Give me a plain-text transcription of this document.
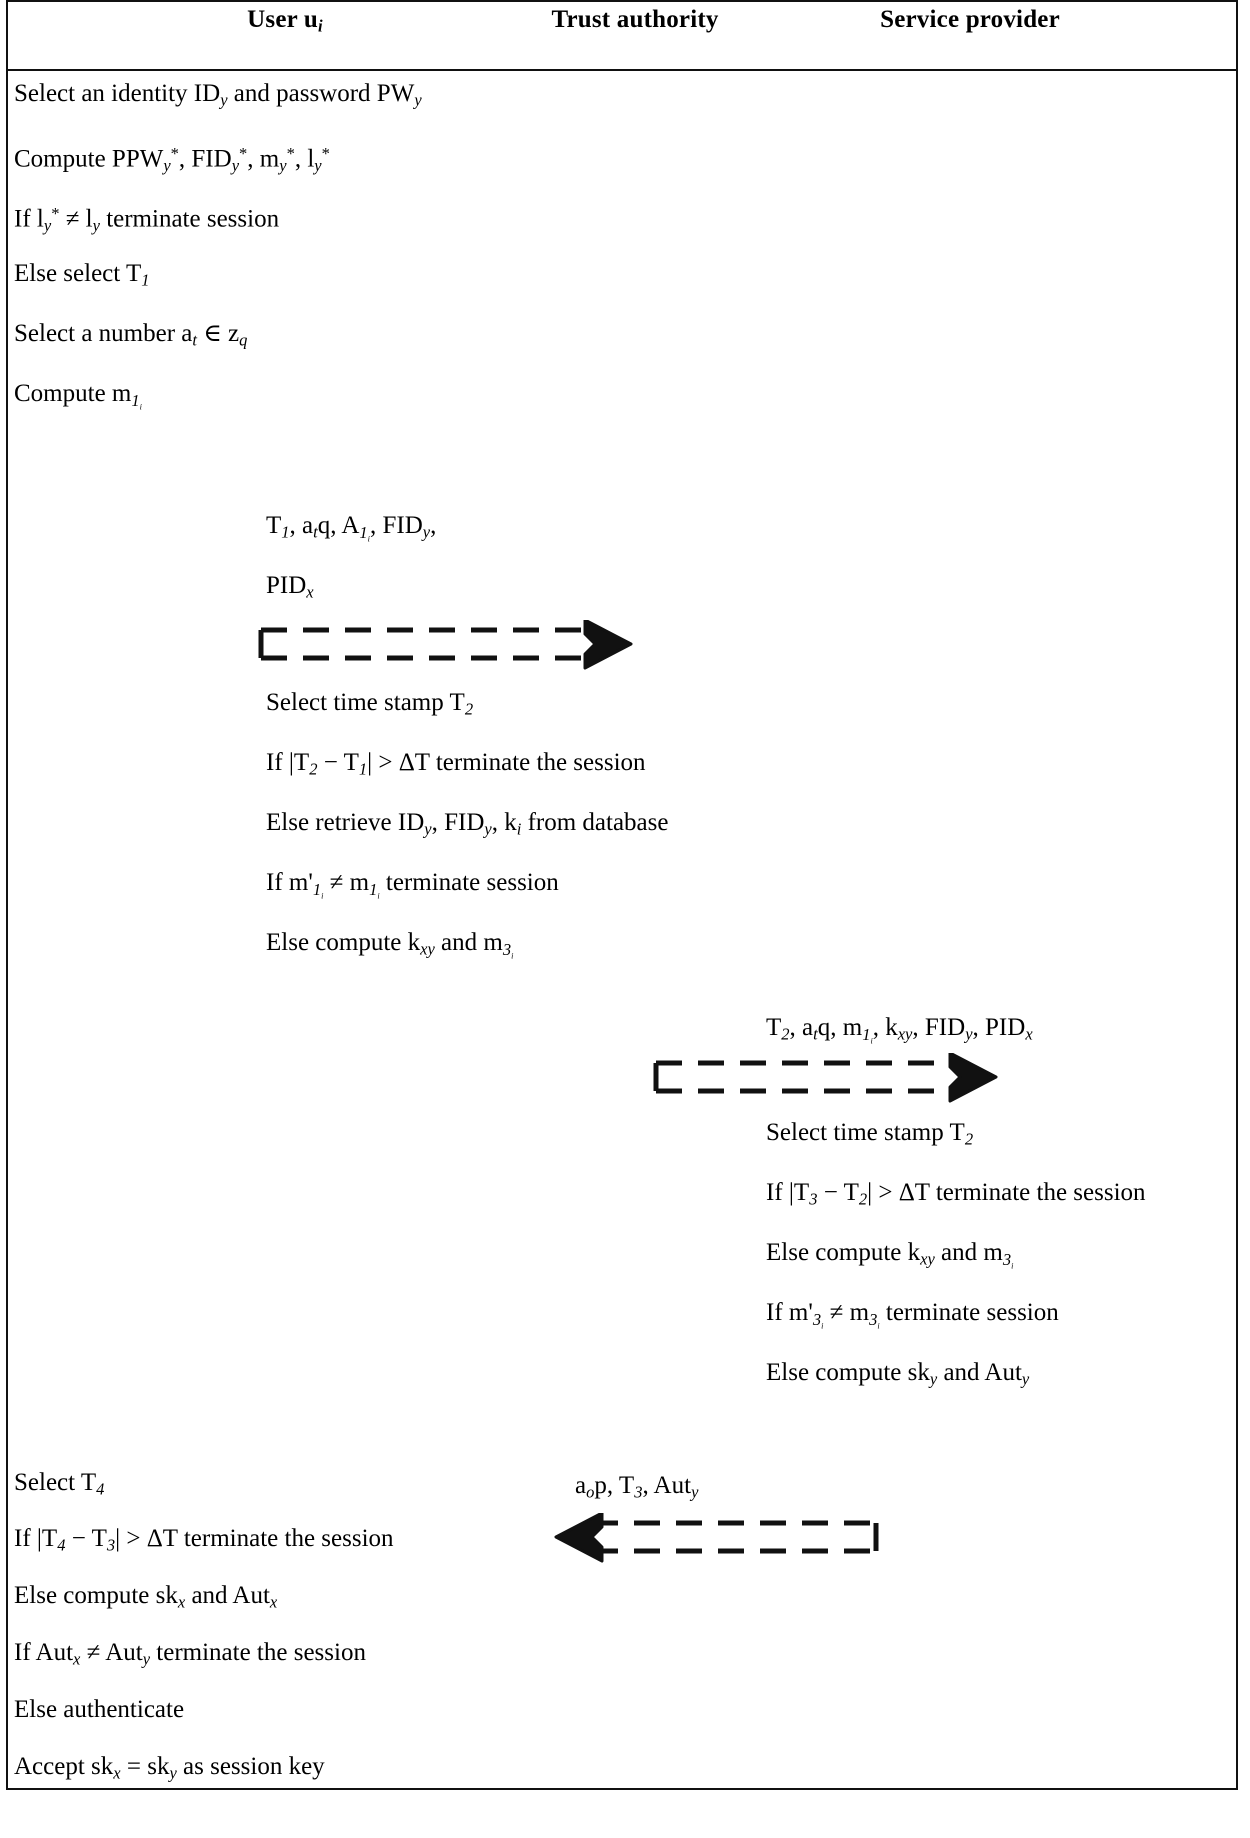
User $u_i$	Trust authority	Service provider
Select an identity $ID_y$ and password $PW_y$
Compute $PPW_y^*$, $FID_y^*$, $m_y^*$, $l_y^*$
If $l_y^* \ne l_y$ terminate session
Else select $T_1$
Select a number $a_t$ ∈ $z_q$
Compute $m_{1_i}$
$T_1$, $a_tq$, $A_{1_i}$, $FID_y$,
$PID_x$
Select time stamp $T_2$
If $|T_2 - T_1| > \Delta T$ terminate the session
Else retrieve $ID_y$, $FID_y$, $k_i$ from database
If $m'_{1_i} \ne m_{1_i}$ terminate session
Else compute $k_{xy}$ and $m_{3_i}$
$T_2$, $a_tq$, $m_{1_i}$, $k_{xy}$, $FID_y$, $PID_x$
Select time stamp $T_2$
If $|T_3 - T_2| > \Delta T$ terminate the session
Else compute $k_{xy}$ and $m_{3_i}$
If $m'_{3_i} \ne m_{3_i}$ terminate session
Else compute $sk_y$ and Aut$_y$
$a_op$, $T_3$, Aut$_y$
Select $T_4$
If $|T_4 - T_3| > \Delta T$ terminate the session
Else compute $sk_x$ and Aut$_x$
If Aut$_x$ ≠ Aut$_y$ terminate the session
Else authenticate
Accept $sk_x = sk_y$ as session key
